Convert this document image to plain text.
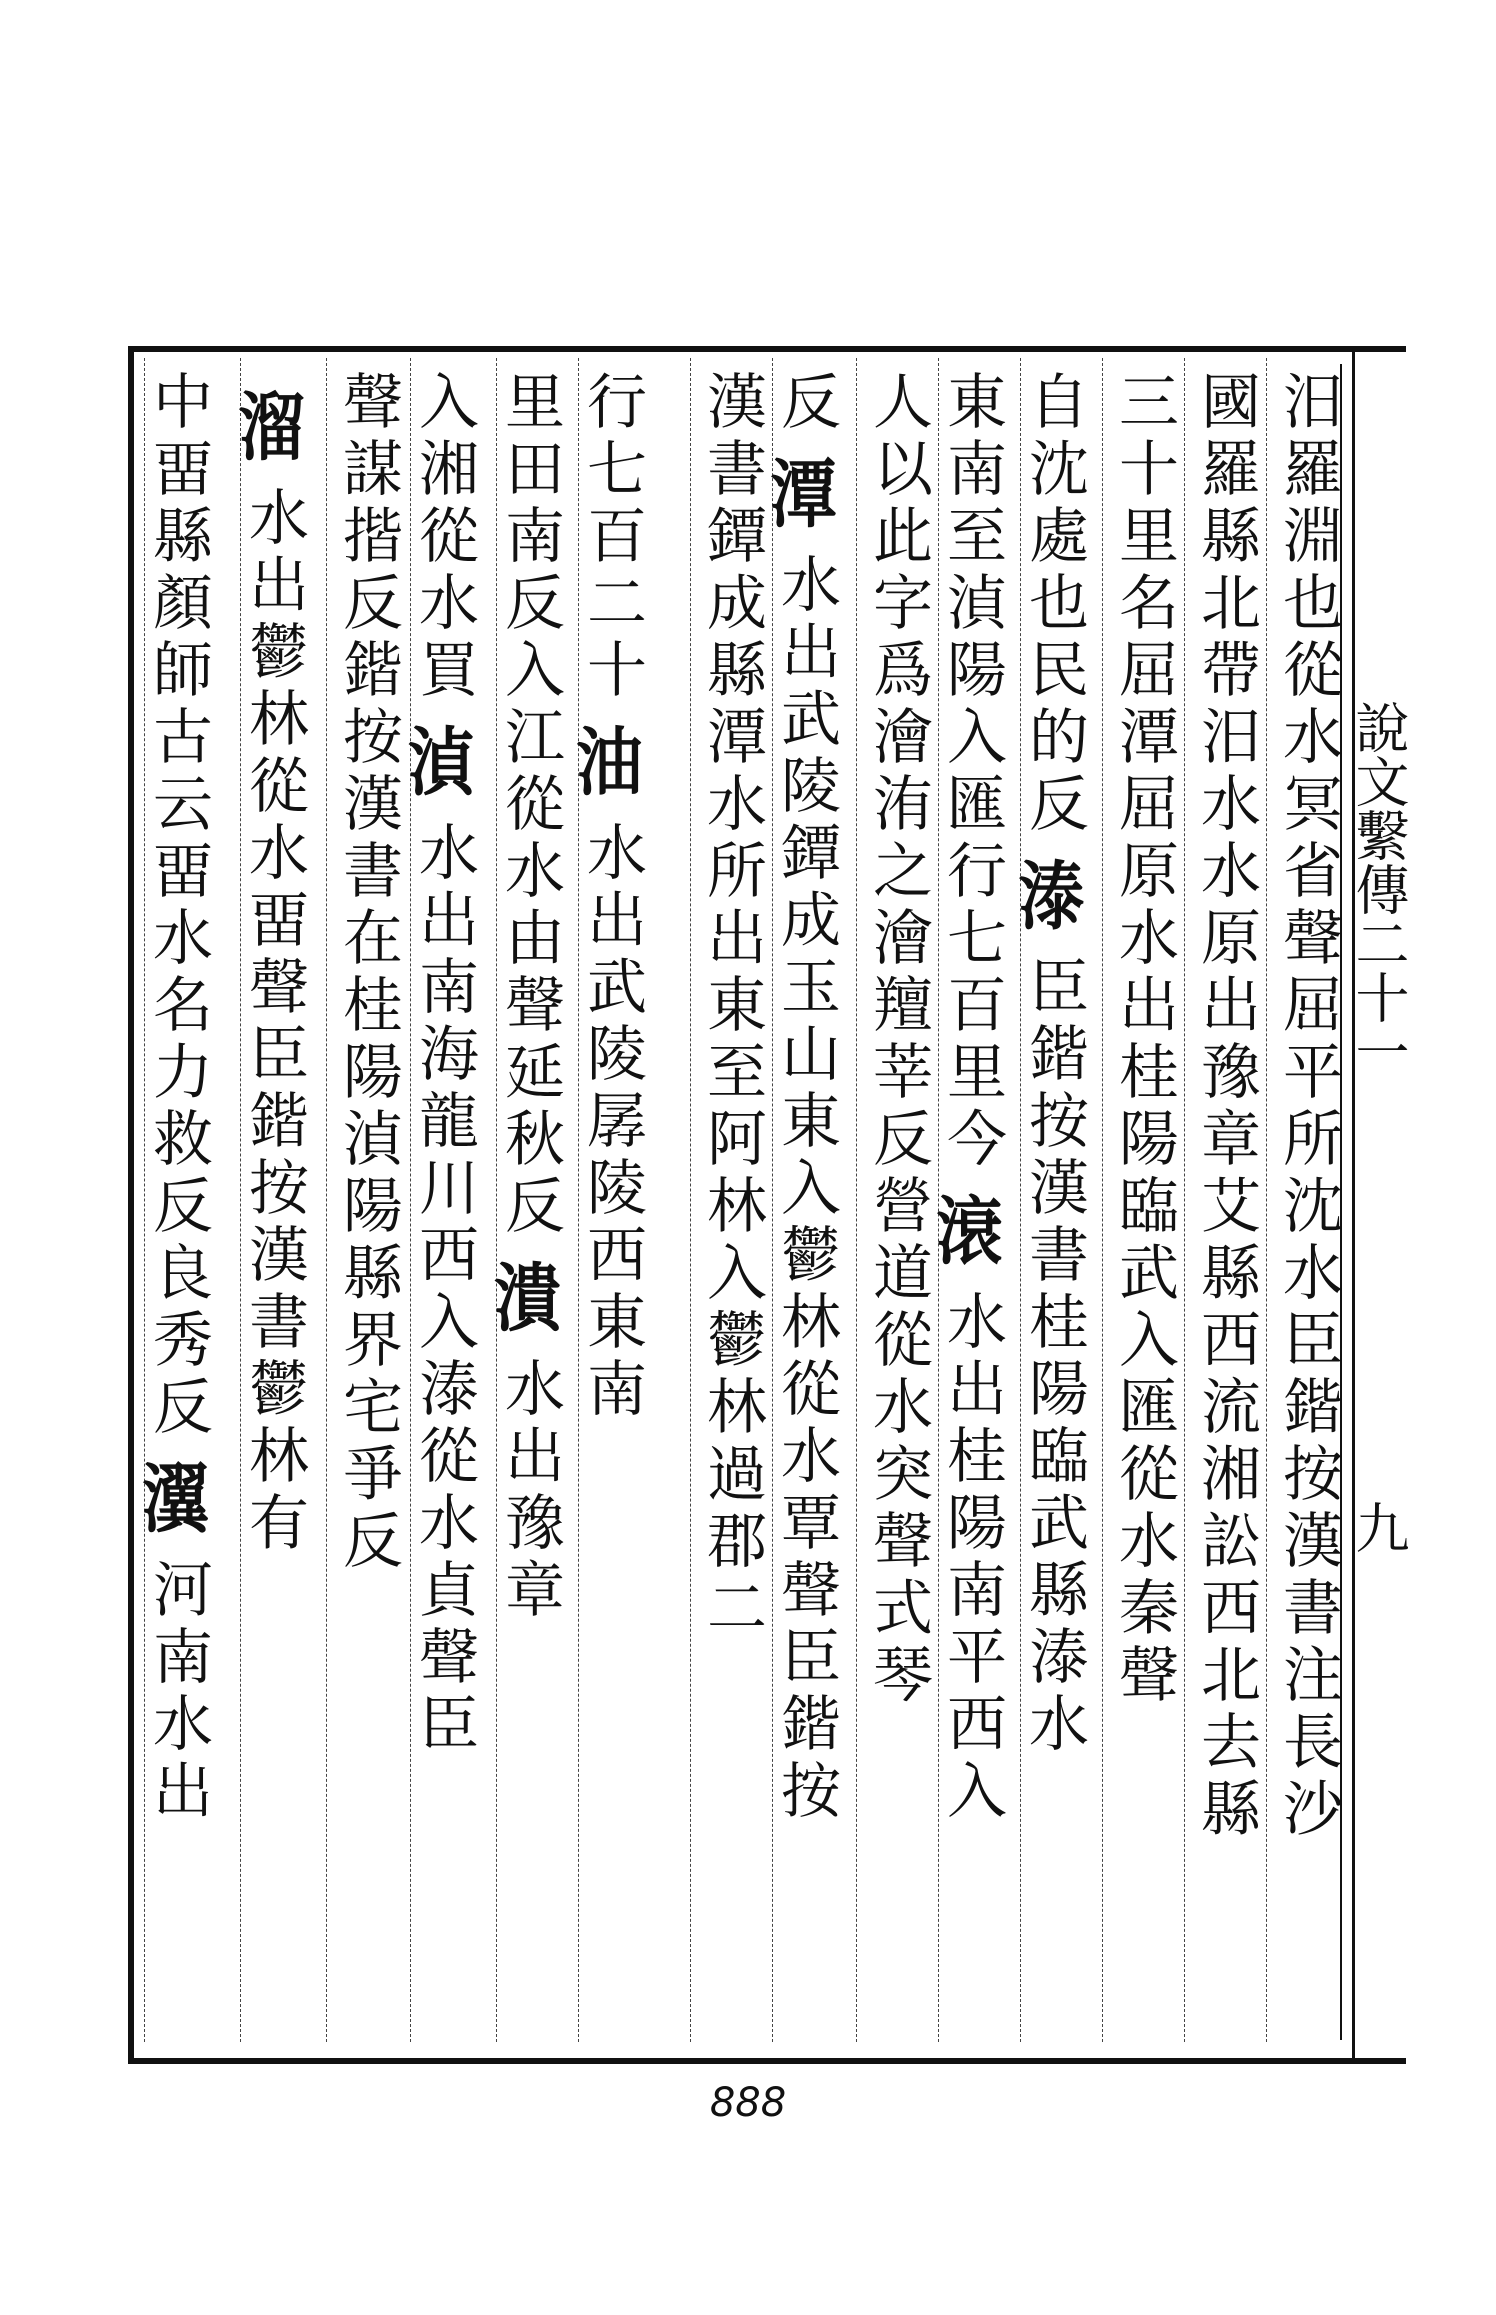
說文繫傳二十一
九
汨羅淵也從水冥省聲屈平所沈水臣鍇按漢書注長沙
國羅縣北帶汨水水原出豫章艾縣西流湘訟西北去縣
三十里名屈潭屈原水出桂陽臨武入匯從水秦聲
自沈處也民的反溙臣鍇按漢書桂陽臨武縣溙水
東南至湞陽入匯行七百里今滖水出桂陽南平西入
人以此字爲澮洧之澮羶莘反營道從水突聲式琴
反潭水出武陵鐔成玉山東入鬱林從水覃聲臣鍇按
漢書鐔成縣潭水所出東至阿林入鬱林過郡二
行七百二十油水出武陵孱陵西東南
里田南反入江從水由聲延秋反潰水出豫章
入湘從水買湞水出南海龍川西入溙從水貞聲臣
聲謀揩反鍇按漢書在桂陽湞陽縣界宅爭反
溜水出鬱林從水畱聲臣鍇按漢書鬱林有
中畱縣顏師古云畱水名力救反良秀反瀷河南水出
888
